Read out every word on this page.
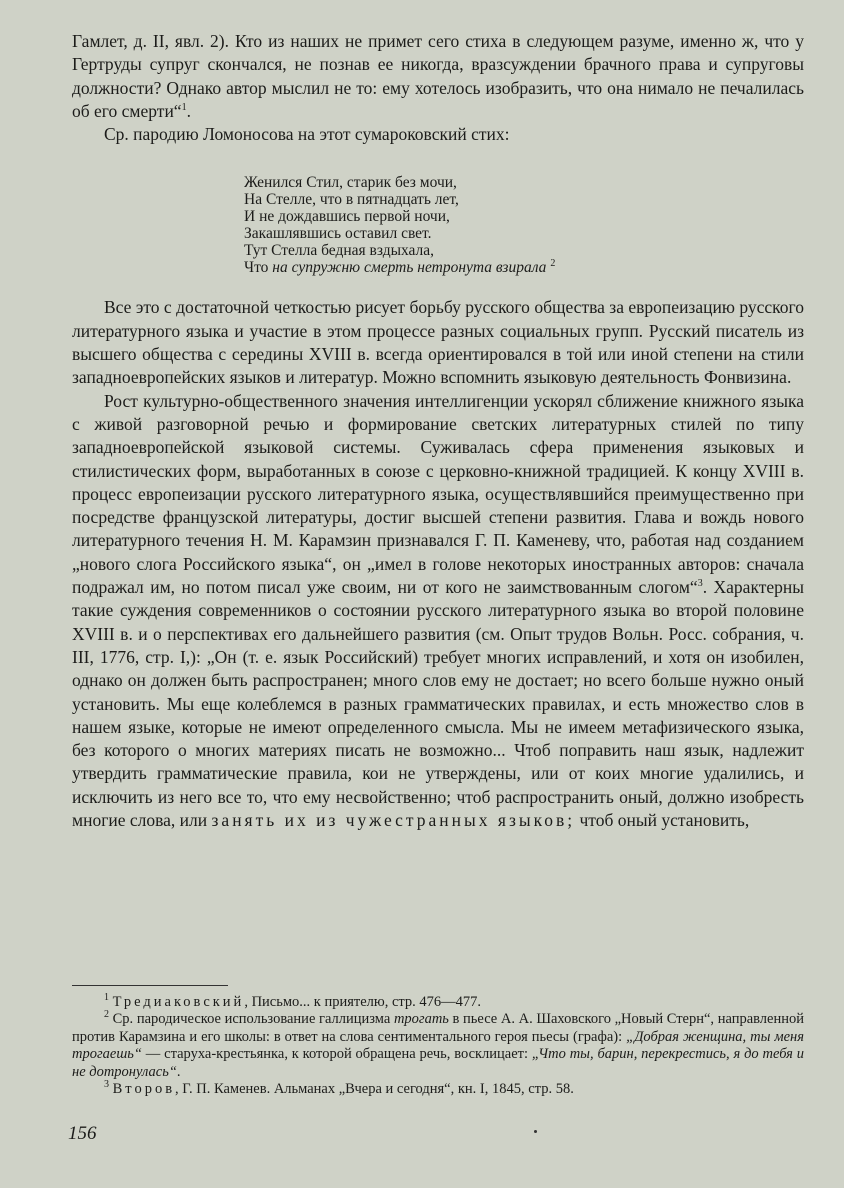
Гамлет, д. II, явл. 2). Кто из наших не примет сего стиха в следующем разуме, именно ж, что у Гертруды супруг скончался, не познав ее никогда, вразсуждении брачного права и супруговы должности? Однако автор мыслил не то: ему хотелось изобразить, что она нимало не печалилась об его смерти“$^1$.

Ср. пародию Ломоносова на этот сумароковский стих:

Женился Стил, старик без мочи,
На Стелле, что в пятнадцать лет,
И не дождавшись первой ночи,
Закашлявшись оставил свет.
Тут Стелла бедная вздыхала,
Что на супружню смерть нетронута взирала $^2$

Все это с достаточной четкостью рисует борьбу русского общества за европеизацию русского литературного языка и участие в этом процессе разных социальных групп. Русский писатель из высшего общества с середины XVIII в. всегда ориентировался в той или иной степени на стили западноевропейских языков и литератур. Можно вспомнить языковую деятельность Фонвизина.

Рост культурно-общественного значения интеллигенции ускорял сближение книжного языка с живой разговорной речью и формирование светских литературных стилей по типу западноевропейской языковой системы. Суживалась сфера применения языковых и стилистических форм, выработанных в союзе с церковно-книжной традицией. К концу XVIII в. процесс европеизации русского литературного языка, осуществлявшийся преимущественно при посредстве французской литературы, достиг высшей степени развития. Глава и вождь нового литературного течения Н. М. Карамзин признавался Г. П. Каменеву, что, работая над созданием „нового слога Российского языка“, он „имел в голове некоторых иностранных авторов: сначала подражал им, но потом писал уже своим, ни от кого не заимствованным слогом“$^3$. Характерны такие суждения современников о состоянии русского литературного языка во второй половине XVIII в. и о перспективах его дальнейшего развития (см. Опыт трудов Вольн. Росс. собрания, ч. III, 1776, стр. I,): „Он (т. е. язык Российский) требует многих исправлений, и хотя он изобилен, однако он должен быть распространен; много слов ему не достает; но всего больше нужно оный установить. Мы еще колеблемся в разных грамматических правилах, и есть множество слов в нашем языке, которые не имеют определенного смысла. Мы не имеем метафизического языка, без которого о многих материях писать не возможно... Чтоб поправить наш язык, надлежит утвердить грамматические правила, кои не утверждены, или от коих многие удалились, и исключить из него все то, что ему несвойственно; чтоб распространить оный, должно изобресть многие слова, или занять их из чужестранных языков; чтоб оный установить,

$^1$ Тредиаковский, Письмо... к приятелю, стр. 476—477.

$^2$ Ср. пародическое использование галлицизма трогать в пьесе А. А. Шаховского „Новый Стерн“, направленной против Карамзина и его школы: в ответ на слова сентиментального героя пьесы (графа): „Добрая женщина, ты меня трогаешь“ — старуха-крестьянка, к которой обращена речь, восклицает: „Что ты, барин, перекрестись, я до тебя и не дотронулась“.

$^3$ Второв, Г. П. Каменев. Альманах „Вчера и сегодня“, кн. I, 1845, стр. 58.

156
